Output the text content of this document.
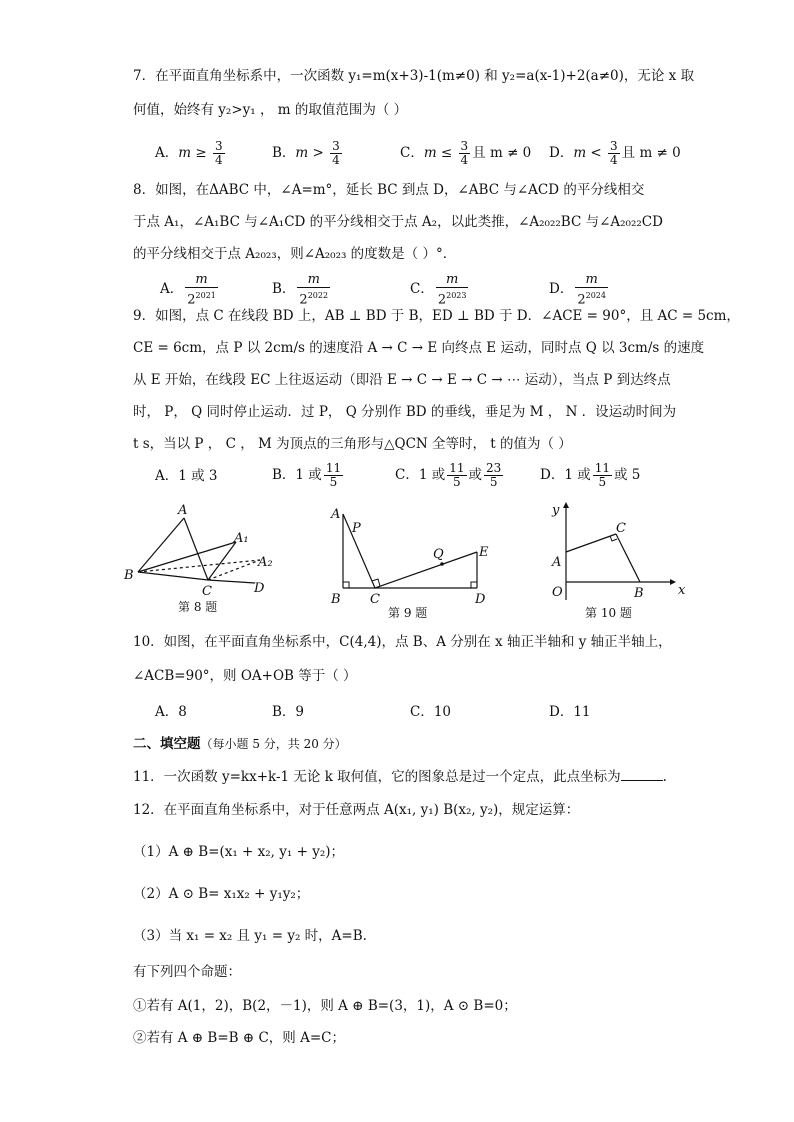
7．在平面直角坐标系中，一次函数 y₁=m(x+3)-1(m≠0) 和 y₂=a(x-1)+2(a≠0)，无论 x 取
何值，始终有 y₂>y₁ ， m 的取值范围为（ ）
A．$m \ge \frac{3}{4}$	B．$m > \frac{3}{4}$	C．$m \le \frac{3}{4}$ 且 m ≠ 0 D．$m < \frac{3}{4}$ 且 m ≠ 0
8．如图，在ΔABC 中，∠A=m°，延长 BC 到点 D，∠ABC 与∠ACD 的平分线相交
于点 A₁，∠A₁BC 与∠A₁CD 的平分线相交于点 A₂，以此类推，∠A₂₀₂₂BC 与∠A₂₀₂₂CD
的平分线相交于点 A₂₀₂₃，则∠A₂₀₂₃ 的度数是（ ）°．
A． $\frac{m}{2^{2021}}$	B． $\frac{m}{2^{2022}}$	C． $\frac{m}{2^{2023}}$	D． $\frac{m}{2^{2024}}$
9．如图，点 C 在线段 BD 上，AB ⊥ BD 于 B，ED ⊥ BD 于 D．∠ACE = 90°，且 AC = 5cm，
CE = 6cm，点 P 以 2cm/s 的速度沿 A → C → E 向终点 E 运动，同时点 Q 以 3cm/s 的速度
从 E 开始，在线段 EC 上往返运动（即沿 E → C → E → C → ⋯ 运动），当点 P 到达终点
时， P， Q 同时停止运动．过 P， Q 分别作 BD 的垂线，垂足为 M ， N ．设运动时间为
t s，当以 P ， C ， M 为顶点的三角形与△QCN 全等时， t 的值为（ ）
A．1 或 3	B．1 或 $\frac{11}{5}$	C．1 或 $\frac{11}{5}$ 或 $\frac{23}{5}$	D．1 或 $\frac{11}{5}$ 或 5
A
A₁
A₂
B
C	D
第 8 题
A
P
Q	E
B C	D
第 9 题
y
C
A
O	B	x
第 10 题
10．如图，在平面直角坐标系中，C(4,4)，点 B、A 分别在 x 轴正半轴和 y 轴正半轴上，
∠ACB=90°，则 OA+OB 等于（ ）
A．8	B．9	C．10	D．11
二、填空题（每小题 5 分，共 20 分）
11．一次函数 y=kx+k-1 无论 k 取何值，它的图象总是过一个定点，此点坐标为	.
12．在平面直角坐标系中，对于任意两点 A(x₁, y₁) B(x₂, y₂)，规定运算：
（1）A ⊕ B=(x₁ + x₂, y₁ + y₂)；
（2）A ⊙ B= x₁x₂ + y₁y₂；
（3）当 x₁ = x₂ 且 y₁ = y₂ 时，A=B.
有下列四个命题：
①若有 A(1，2)，B(2，－1)，则 A ⊕ B=(3，1)，A ⊙ B=0；
②若有 A ⊕ B=B ⊕ C，则 A=C；
